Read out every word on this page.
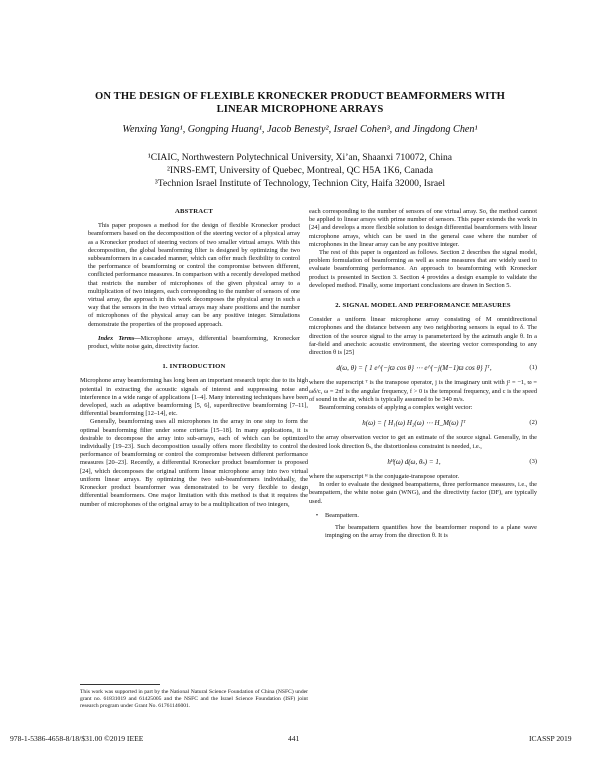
ON THE DESIGN OF FLEXIBLE KRONECKER PRODUCT BEAMFORMERS WITH
LINEAR MICROPHONE ARRAYS
Wenxing Yang¹, Gongping Huang¹, Jacob Benesty², Israel Cohen³, and Jingdong Chen¹
¹CIAIC, Northwestern Polytechnical University, Xi’an, Shaanxi 710072, China
²INRS-EMT, University of Quebec, Montreal, QC H5A 1K6, Canada
³Technion Israel Institute of Technology, Technion City, Haifa 32000, Israel
ABSTRACT

This paper proposes a method for the design of flexible Kronecker product beamformers based on the decomposition of the steering vector of a physical array as a Kronecker product of steering vectors of two smaller virtual arrays. With this decomposition, the global beamforming filter is designed by optimizing the two subbeamformers in a cascaded manner, which can offer much flexibility to control the performance of beamforming or control the compromise between different, conflicted performance measures. In comparison with a recently developed method that restricts the number of microphones of the given physical array to a multiplication of two integers, each corresponding to the number of sensors of one virtual array, the approach in this work decomposes the physical array in such a way that the sensors in the two virtual arrays may share positions and the number of microphones of the physical array can be any positive integer. Simulations demonstrate the properties of the proposed approach.

Index Terms—Microphone arrays, differential beamforming, Kronecker product, white noise gain, directivity factor.

1. INTRODUCTION

Microphone array beamforming has long been an important research topic due to its high potential in extracting the acoustic signals of interest and suppressing noise and interference in a wide range of applications [1–4]. Many interesting techniques have been developed, such as adaptive beamforming [5, 6], superdirective beamforming [7–11], differential beamforming [12–14], etc.

Generally, beamforming uses all microphones in the array in one step to form the optimal beamforming filter under some criteria [15–18]. In many applications, it is desirable to decompose the array into sub-arrays, each of which can be optimized individually [19–23]. Such decomposition usually offers more flexibility to control the performance of beamforming or control the compromise between different performance measures [20–23]. Recently, a differential Kronecker product beamformer is proposed [24], which decomposes the original uniform linear microphone array into two virtual uniform linear arrays. By optimizing the two sub-beamformers individually, the Kronecker product beamformer was demonstrated to be very flexible to design differential beamformers. One major limitation with this method is that it requires the number of microphones of the original array to be a multiplication of two integers,

This work was supported in part by the National Natural Science Foundation of China (NSFC) under grant no. 61831019 and 61425005 and the NSFC and the Israel Science Foundation (ISF) joint research program under Grant No. 61761146001.

each corresponding to the number of sensors of one virtual array. So, the method cannot be applied to linear arrays with prime number of sensors. This paper extends the work in [24] and develops a more flexible solution to design differential beamformers with linear microphone arrays, which can be used in the general case where the number of microphones in the linear array can be any positive integer.

The rest of this paper is organized as follows. Section 2 describes the signal model, problem formulation of beamforming as well as some measures that are widely used to evaluate beamforming performance. An approach to beamforming with Kronecker product is presented in Section 3. Section 4 provides a design example to validate the developed method. Finally, some important conclusions are drawn in Section 5.

2. SIGNAL MODEL AND PERFORMANCE MEASURES

Consider a uniform linear microphone array consisting of M omnidirectional microphones and the distance between any two neighboring sensors is equal to δ. The direction of the source signal to the array is parameterized by the azimuth angle θ. In a far-field and anechoic acoustic environment, the steering vector corresponding to any direction θ is [25]

d(ω, θ) = [ 1 e^{−jϖ cos θ} ⋯ e^{−j(M−1)ϖ cos θ} ]ᵀ,	(1)

where the superscript ᵀ is the transpose operator, j is the imaginary unit with j² = −1, ϖ = ωδ/c, ω = 2πf is the angular frequency, f > 0 is the temporal frequency, and c is the speed of sound in the air, which is typically assumed to be 340 m/s.

Beamforming consists of applying a complex weight vector:

h(ω) = [ H₁(ω) H₂(ω) ⋯ H_M(ω) ]ᵀ	(2)

to the array observation vector to get an estimate of the source signal. Generally, in the desired look direction θₛ, the distortionless constraint is needed, i.e.,

hᴴ(ω) d(ω, θₛ) = 1,	(3)

where the superscript ᴴ is the conjugate-transpose operator.

In order to evaluate the designed beampatterns, three performance measures, i.e., the beampattern, the white noise gain (WNG), and the directivity factor (DF), are typically used.

•	Beampattern.

The beampattern quantifies how the beamformer respond to a plane wave impinging on the array from the direction θ. It is

978-1-5386-4658-8/18/$31.00 ©2019 IEEE	441	ICASSP 2019
